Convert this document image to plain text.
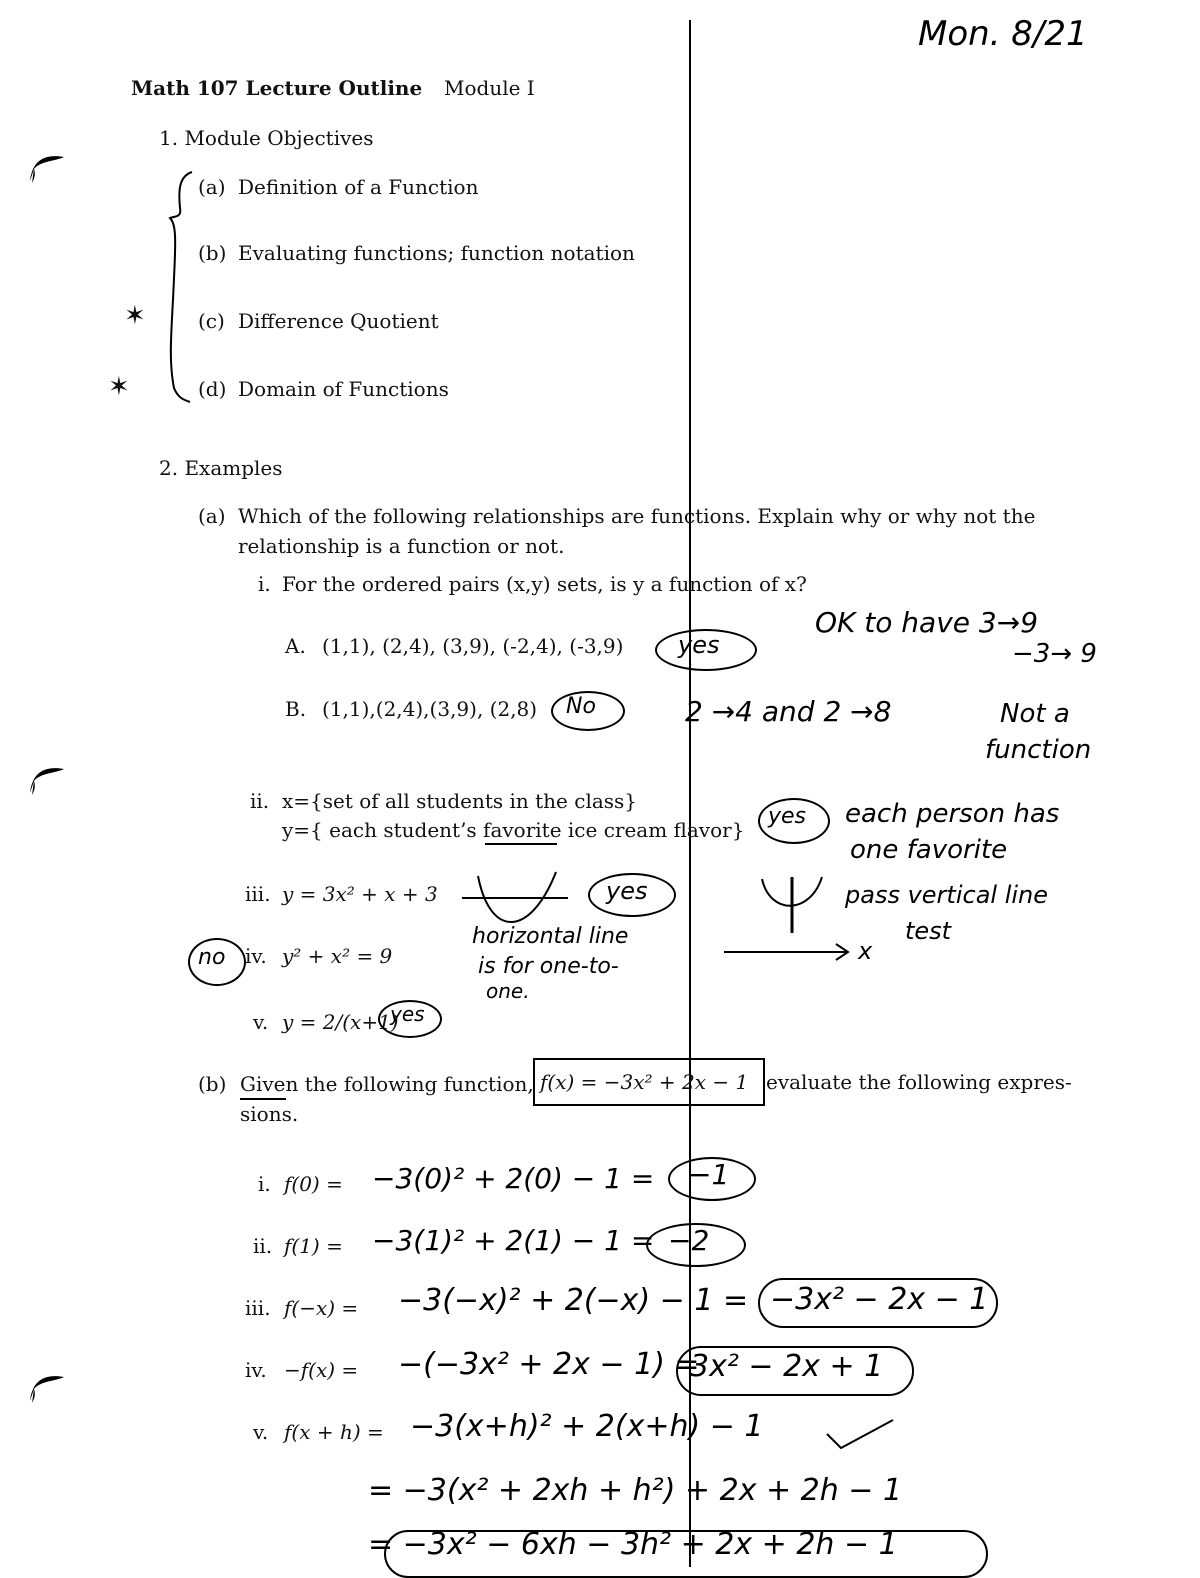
Mon. 8/21
Math 107 Lecture Outline Module I
1. Module Objectives
(a) Definition of a Function
(b) Evaluating functions; function notation
✶	(c) Difference Quotient
✶	(d) Domain of Functions
2. Examples
(a) Which of the following relationships are functions. Explain why or why not the
relationship is a function or not.
i. For the ordered pairs (x,y) sets, is y a function of x?
A. (1,1), (2,4), (3,9), (-2,4), (-3,9) yes
B. (1,1),(2,4),(3,9), (2,8) No
OK to have 3→9
−3→ 9
2 →4 and 2 →8	Not a
function
ii. x={set of all students in the class}
y={ each student’s favorite ice cream flavor}
yes each person has
one favorite
iii. y = 3x² + x + 3	yes	pass vertical line
test
x
no iv. y² + x² = 9
horizontal line
is for one-to-
one.
v. y = 2/(x+1)
yes
(b) Given the following function, f(x) = −3x² + 2x − 1 evaluate the following expres-
sions.
i. f(0) = −3(0)² + 2(0) − 1 = −1
ii. f(1) = −3(1)² + 2(1) − 1 = −2
iii. f(−x) = −3(−x)² + 2(−x) − 1 = −3x² − 2x − 1
iv. −f(x) = −(−3x² + 2x − 1) =
3x² − 2x + 1
v. f(x + h) = −3(x+h)² + 2(x+h) − 1
= −3(x² + 2xh + h²) + 2x + 2h − 1
= −3x² − 6xh − 3h² + 2x + 2h − 1
